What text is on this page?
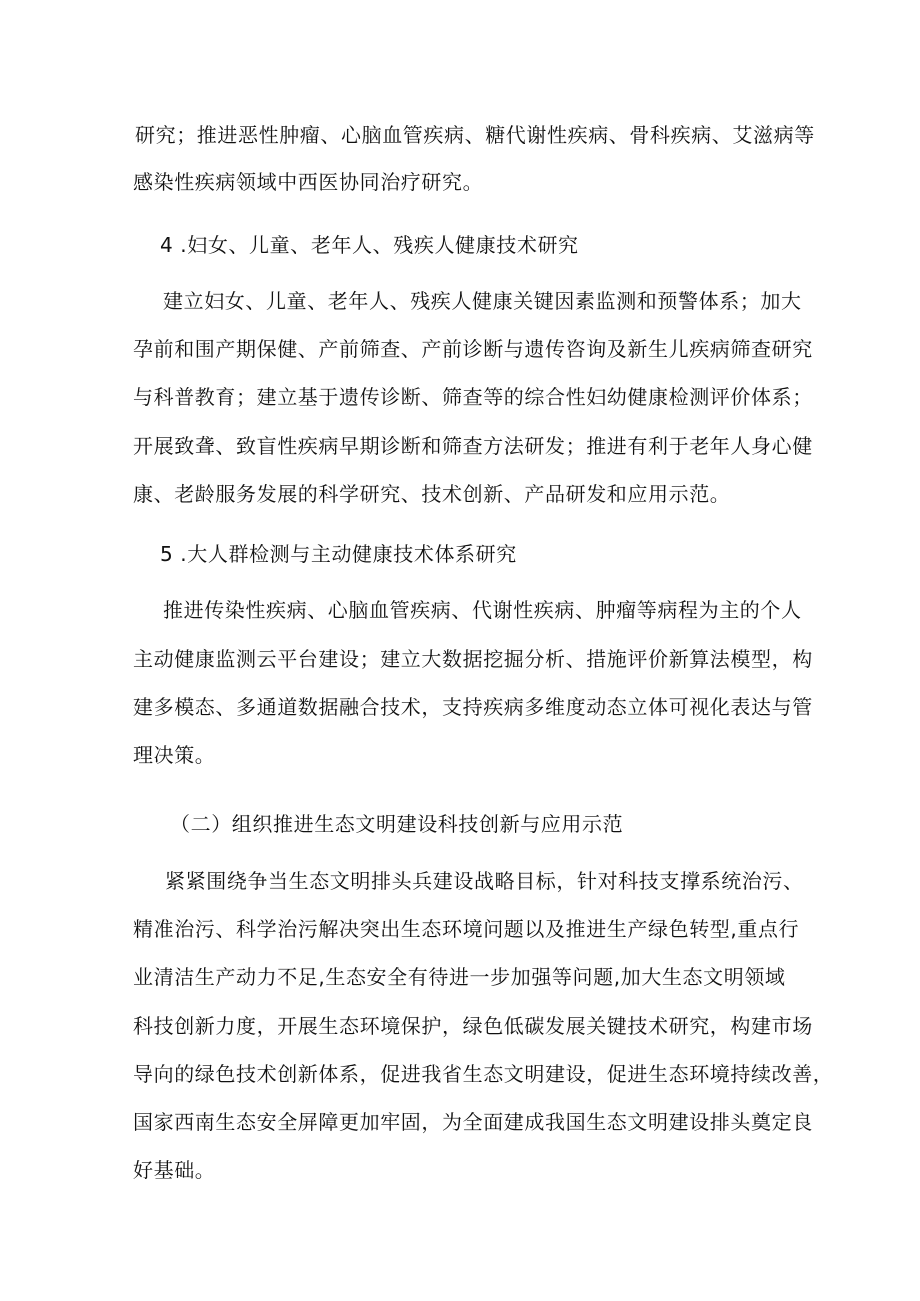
研究；推进恶性肿瘤、心脑血管疾病、糖代谢性疾病、骨科疾病、艾滋病等
感染性疾病领域中西医协同治疗研究。
4 .妇女、儿童、老年人、残疾人健康技术研究
建立妇女、儿童、老年人、残疾人健康关键因素监测和预警体系；加大
孕前和围产期保健、产前筛查、产前诊断与遗传咨询及新生儿疾病筛查研究
与科普教育；建立基于遗传诊断、筛查等的综合性妇幼健康检测评价体系；
开展致聋、致盲性疾病早期诊断和筛查方法研发；推进有利于老年人身心健
康、老龄服务发展的科学研究、技术创新、产品研发和应用示范。
5 .大人群检测与主动健康技术体系研究
推进传染性疾病、心脑血管疾病、代谢性疾病、肿瘤等病程为主的个人
主动健康监测云平台建设；建立大数据挖掘分析、措施评价新算法模型，构
建多模态、多通道数据融合技术，支持疾病多维度动态立体可视化表达与管
理决策。
（二）组织推进生态文明建设科技创新与应用示范
紧紧围绕争当生态文明排头兵建设战略目标，针对科技支撑系统治污、
精准治污、科学治污解决突出生态环境问题以及推进生产绿色转型,重点行
业清洁生产动力不足,生态安全有待进一步加强等问题,加大生态文明领域
科技创新力度，开展生态环境保护，绿色低碳发展关键技术研究，构建市场
导向的绿色技术创新体系，促进我省生态文明建设，促进生态环境持续改善，
国家西南生态安全屏障更加牢固，为全面建成我国生态文明建设排头奠定良
好基础。
